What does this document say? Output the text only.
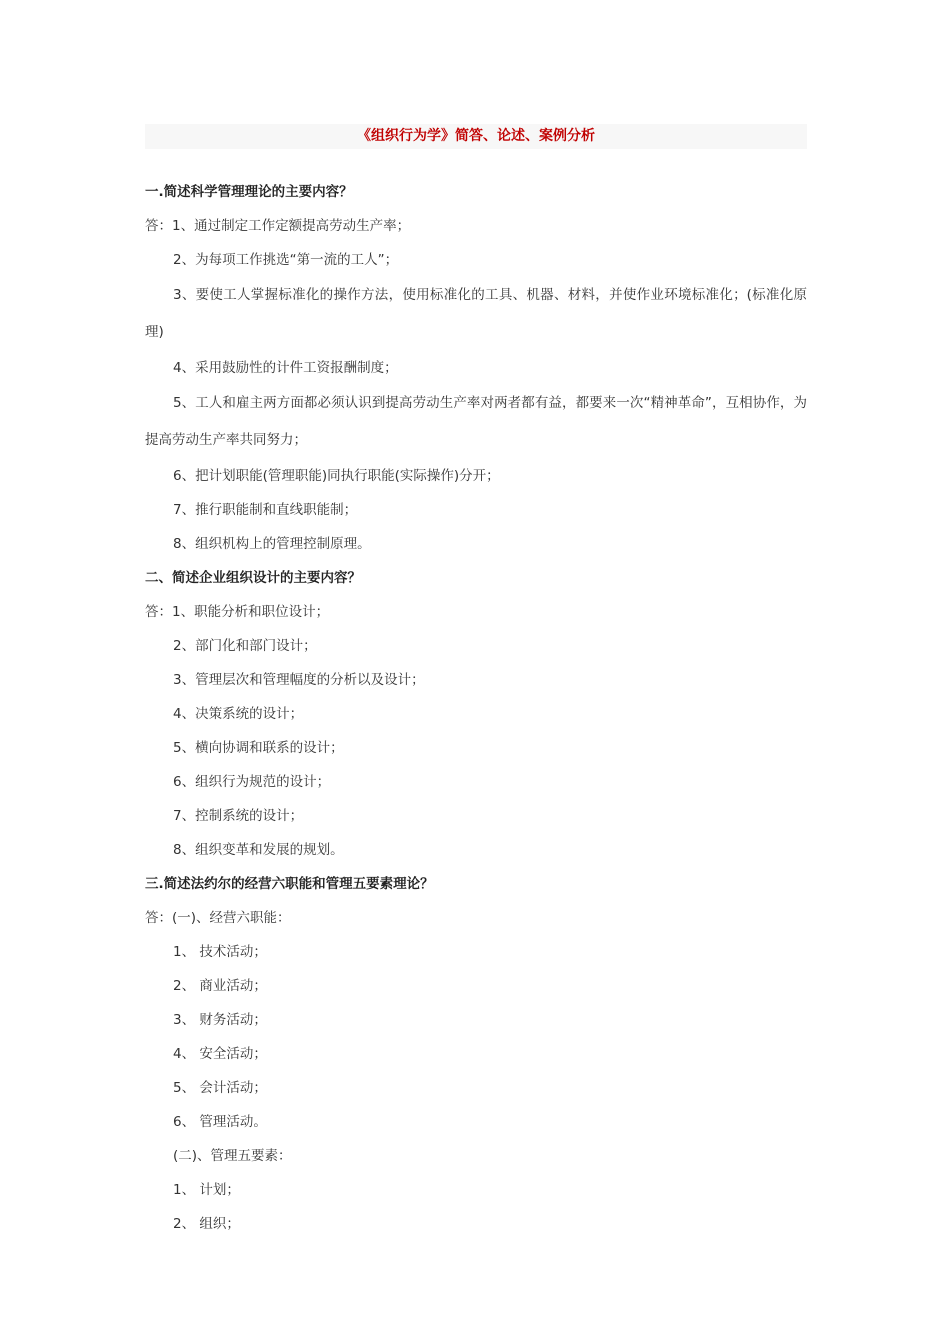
《组织行为学》简答、论述、案例分析
一.简述科学管理理论的主要内容？
答：1、通过制定工作定额提高劳动生产率；
2、为每项工作挑选“第一流的工人”；
3、要使工人掌握标准化的操作方法，使用标准化的工具、机器、材料，并使作业环境标准化；(标准化原理)
4、采用鼓励性的计件工资报酬制度；
5、工人和雇主两方面都必须认识到提高劳动生产率对两者都有益，都要来一次“精神革命”，互相协作，为提高劳动生产率共同努力；
6、把计划职能(管理职能)同执行职能(实际操作)分开；
7、推行职能制和直线职能制；
8、组织机构上的管理控制原理。
二、简述企业组织设计的主要内容？
答：1、职能分析和职位设计；
2、部门化和部门设计；
3、管理层次和管理幅度的分析以及设计；
4、决策系统的设计；
5、横向协调和联系的设计；
6、组织行为规范的设计；
7、控制系统的设计；
8、组织变革和发展的规划。
三.简述法约尔的经营六职能和管理五要素理论？
答：(一)、经营六职能：
1、 技术活动；
2、 商业活动；
3、 财务活动；
4、 安全活动；
5、 会计活动；
6、 管理活动。
(二)、管理五要素：
1、 计划；
2、 组织；
